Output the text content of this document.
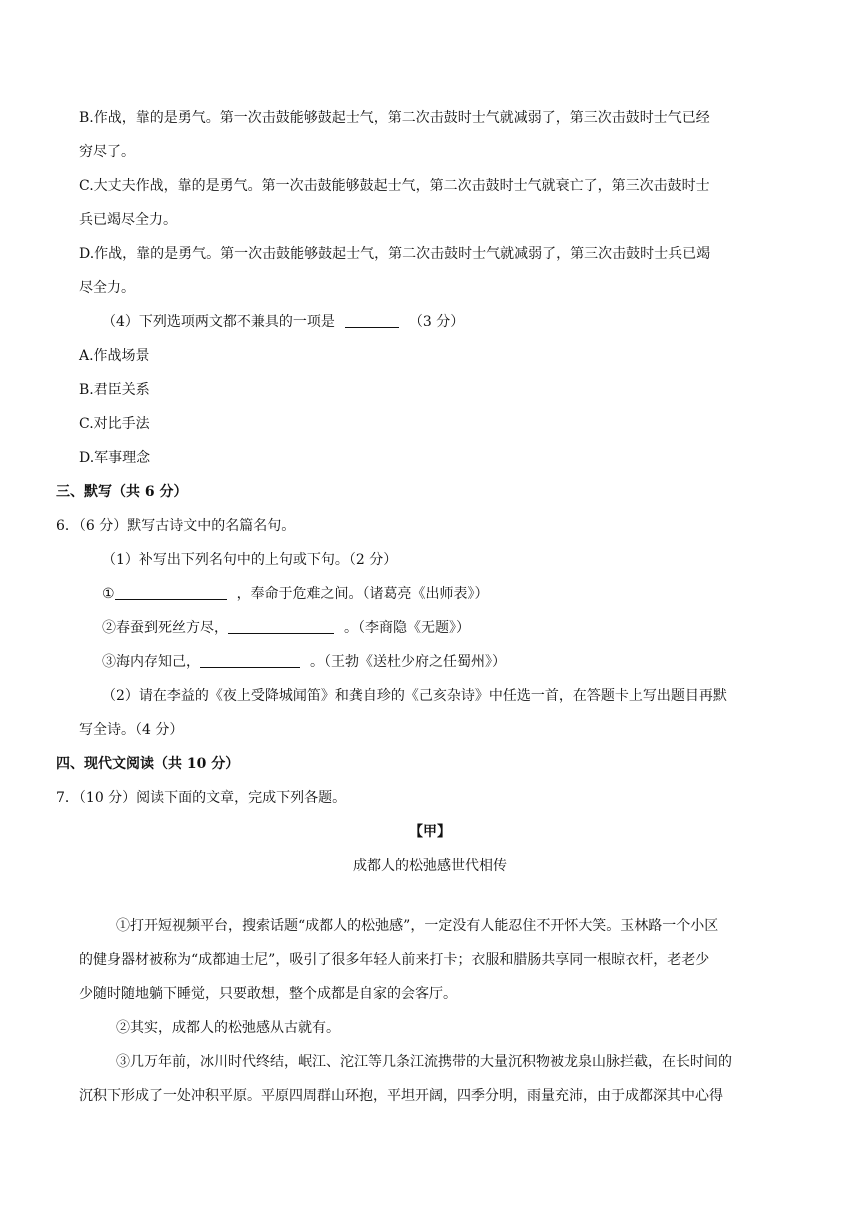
B.作战，靠的是勇气。第一次击鼓能够鼓起士气，第二次击鼓时士气就减弱了，第三次击鼓时士气已经
穷尽了。
C.大丈夫作战，靠的是勇气。第一次击鼓能够鼓起士气，第二次击鼓时士气就衰亡了，第三次击鼓时士
兵已竭尽全力。
D.作战，靠的是勇气。第一次击鼓能够鼓起士气，第二次击鼓时士气就减弱了，第三次击鼓时士兵已竭
尽全力。
（4）下列选项两文都不兼具的一项是	（3 分）
A.作战场景
B.君臣关系
C.对比手法
D.军事理念
三、默写（共 6 分）
6．（6 分）默写古诗文中的名篇名句。
（1）补写出下列名句中的上句或下句。（2 分）
①	，奉命于危难之间。（诸葛亮《出师表》）
②春蚕到死丝方尽，	。（李商隐《无题》）
③海内存知己，	。（王勃《送杜少府之任蜀州》）
（2）请在李益的《夜上受降城闻笛》和龚自珍的《己亥杂诗》中任选一首，在答题卡上写出题目再默
写全诗。（4 分）
四、现代文阅读（共 10 分）
7．（10 分）阅读下面的文章，完成下列各题。
【甲】
成都人的松弛感世代相传
①打开短视频平台，搜索话题“成都人的松弛感”，一定没有人能忍住不开怀大笑。玉林路一个小区
的健身器材被称为“成都迪士尼”，吸引了很多年轻人前来打卡；衣服和腊肠共享同一根晾衣杆，老老少
少随时随地躺下睡觉，只要敢想，整个成都是自家的会客厅。
②其实，成都人的松弛感从古就有。
③几万年前，冰川时代终结，岷江、沱江等几条江流携带的大量沉积物被龙泉山脉拦截，在长时间的
沉积下形成了一处冲积平原。平原四周群山环抱，平坦开阔，四季分明，雨量充沛，由于成都深其中心得
